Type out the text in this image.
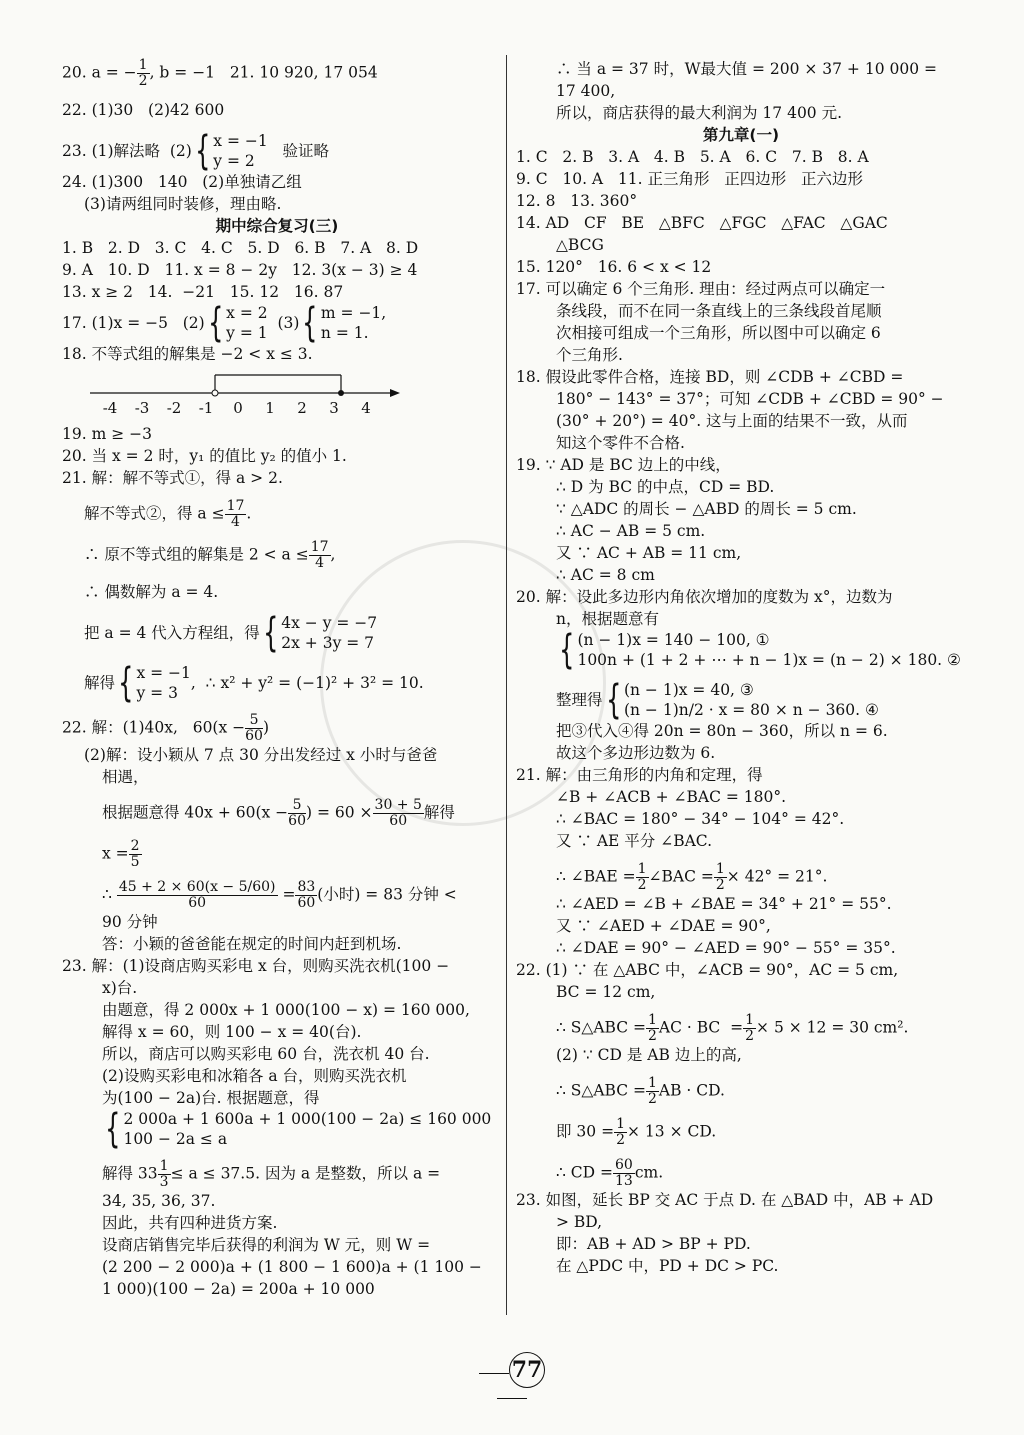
20. a = − $\frac{1}{2}$ , b = −1   21. 10 920, 17 054
22. (1)30   (2)42 600
23. (1)解法略  (2) { x = −1
y = 2

验证略
24. (1)300   140   (2)单独请乙组
(3)请两组同时装修，理由略.
期中综合复习(三)
1. B   2. D   3. C   4. C   5. D   6. B   7. A   8. D
9. A   10. D   11. x = 8 − 2y   12. 3(x − 3) ≥ 4
13. x ≥ 2   14.  −21   15. 12   16. 87
17. (1)x = −5   (2) { x = 2
y = 1

(3) { m = −1,
n = 1.
18. 不等式组的解集是 −2 < x ≤ 3.
-4 -3 -2 -1 0 1 2 3 4
19. m ≥ −3
20. 当 x = 2 时，y₁ 的值比 y₂ 的值小 1.
21. 解：解不等式①，得 a > 2.
解不等式②，得 $a \le \frac{17}{4}$ .
∴ 原不等式组的解集是 $2 < a \le \frac{17}{4}$ ,
∴ 偶数解为 a = 4.
把 a = 4 代入方程组，得 { 4x − y = −7
2x + 3y = 7
解得 { x = −1
y = 3
,  ∴ x² + y² = (−1)² + 3² = 10.
22. 解：(1)40x,   $60(x - \frac{5}{60}$ )
(2)解：设小颖从 7 点 30 分出发经过 x 小时与爸爸
相遇，
根据题意得 $40x + 60(x - \frac{5}{60}$ ) = $60 \times \frac{30 + 5}{60}$ 解得
$x = \frac{2}{5}$
∴ $\frac{45 + 2 \times 60(x - 5/60)}{60} = \frac{83}{60}$ (小时) = 83 分钟 <
90 分钟
答：小颖的爸爸能在规定的时间内赶到机场.
23. 解：(1)设商店购买彩电 x 台，则购买洗衣机(100 −
x)台.
由题意，得 2 000x + 1 000(100 − x) = 160 000,
解得 x = 60，则 100 − x = 40(台).
所以，商店可以购买彩电 60 台，洗衣机 40 台.
(2)设购买彩电和冰箱各 a 台，则购买洗衣机
为(100 − 2a)台. 根据题意，得
{ 2 000a + 1 600a + 1 000(100 − 2a) ≤ 160 000
100 − 2a ≤ a
解得 $33 \frac{1}{3} \le a \le 37.5$. 因为 a 是整数，所以 a =
34, 35, 36, 37.
因此，共有四种进货方案.
设商店销售完毕后获得的利润为 W 元，则 W =
(2 200 − 2 000)a + (1 800 − 1 600)a + (1 100 −
1 000)(100 − 2a) = 200a + 10 000
∴ 当 a = 37 时，W最大值 = 200 × 37 + 10 000 =
17 400,
所以，商店获得的最大利润为 17 400 元.
第九章(一)
1. C   2. B   3. A   4. B   5. A   6. C   7. B   8. A
9. C   10. A   11. 正三角形   正四边形   正六边形
12. 8   13. 360°
14. AD   CF   BE   △BFC   △FGC   △FAC   △GAC
△BCG
15. 120°   16. 6 < x < 12
17. 可以确定 6 个三角形. 理由：经过两点可以确定一
条线段，而不在同一条直线上的三条线段首尾顺
次相接可组成一个三角形，所以图中可以确定 6
个三角形.
18. 假设此零件合格，连接 BD，则 ∠CDB + ∠CBD =
180° − 143° = 37°；可知 ∠CDB + ∠CBD = 90° −
(30° + 20°) = 40°. 这与上面的结果不一致，从而
知这个零件不合格.
19. ∵ AD 是 BC 边上的中线，
∴ D 为 BC 的中点，CD = BD.
∵ △ADC 的周长 − △ABD 的周长 = 5 cm.
∴ AC − AB = 5 cm.
又 ∵ AC + AB = 11 cm,
∴ AC = 8 cm
20. 解：设此多边形内角依次增加的度数为 x°，边数为
n，根据题意有
{ (n − 1)x = 140 − 100, ①
100n + (1 + 2 + ⋯ + n − 1)x = (n − 2) × 180. ②
整理得 { (n − 1)x = 40, ③
(n − 1)n/2 · x = 80 × n − 360. ④
把③代入④得 20n = 80n − 360，所以 n = 6.
故这个多边形边数为 6.
21. 解：由三角形的内角和定理，得
∠B + ∠ACB + ∠BAC = 180°.
∴ ∠BAC = 180° − 34° − 104° = 42°.
又 ∵ AE 平分 ∠BAC.
∴ ∠BAE = $\frac{1}{2}$ ∠BAC = $\frac{1}{2} \times 42^\circ = 21^\circ$.
∴ ∠AED = ∠B + ∠BAE = 34° + 21° = 55°.
又 ∵ ∠AED + ∠DAE = 90°,
∴ ∠DAE = 90° − ∠AED = 90° − 55° = 35°.
22. (1) ∵ 在 △ABC 中，∠ACB = 90°，AC = 5 cm,
BC = 12 cm,
∴ S△ABC = $\frac{1}{2}$ AC · BC  = $\frac{1}{2} \times 5 \times 12 = 30$ cm².
(2) ∵ CD 是 AB 边上的高,
∴ S△ABC = $\frac{1}{2}$ AB · CD.
即 $30 = \frac{1}{2} \times 13$ × CD.
∴ CD = $\frac{60}{13}$ cm.
23. 如图，延长 BP 交 AC 于点 D. 在 △BAD 中，AB + AD
> BD,
即：AB + AD > BP + PD.
在 △PDC 中，PD + DC > PC.
77
